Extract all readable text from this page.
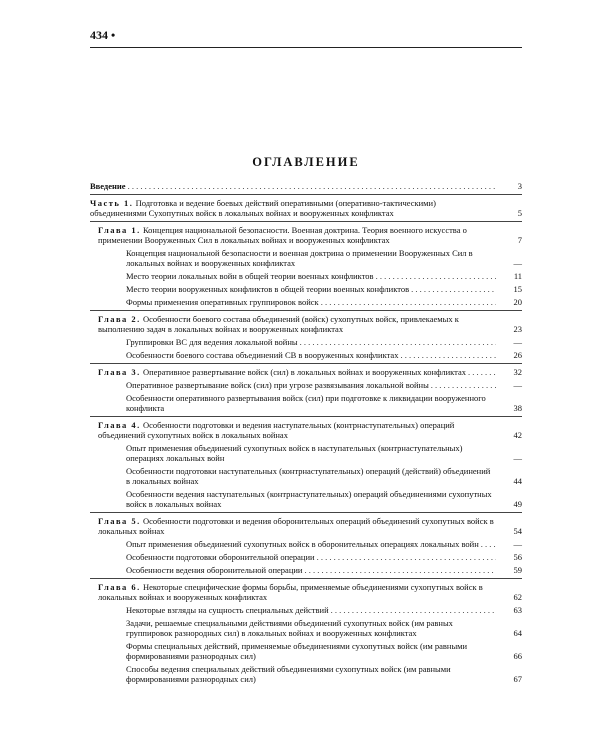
434 •
ОГЛАВЛЕНИЕ
Введение . . .	3
Часть 1. Подготовка и ведение боевых действий оперативными (оперативно-тактическими) объединениями Сухопутных войск в локальных войнах и вооруженных конфликтах	5
Глава 1. Концепция национальной безопасности. Военная доктрина. Теория военного искусства о применении Вооруженных Сил в локальных войнах и вооруженных конфликтах	7
Концепция национальной безопасности и военная доктрина о применении Вооруженных Сил в локальных войнах и вооруженных конфликтах	—
Место теории локальных войн в общей теории военных конфликтов . . .	11
Место теории вооруженных конфликтов в общей теории военных конфликтов . . .	15
Формы применения оперативных группировок войск . . .	20
Глава 2. Особенности боевого состава объединений (войск) сухопутных войск, привлекаемых к выполнению задач в локальных войнах и вооруженных конфликтах	23
Группировки ВС для ведения локальной войны . . .	—
Особенности боевого состава объединений СВ в вооруженных конфликтах . . .	26
Глава 3. Оперативное развертывание войск (сил) в локальных войнах и вооруженных конфликтах . . .	32
Оперативное развертывание войск (сил) при угрозе развязывания локальной войны . . .	—
Особенности оперативного развертывания войск (сил) при подготовке к ликвидации вооруженного конфликта	38
Глава 4. Особенности подготовки и ведения наступательных (контрнаступательных) операций объединений сухопутных войск в локальных войнах	42
Опыт применения объединений сухопутных войск в наступательных (контрнаступательных) операциях локальных войн	—
Особенности подготовки наступательных (контрнаступательных) операций (действий) объединений в локальных войнах	44
Особенности ведения наступательных (контрнаступательных) операций объединениями сухопутных войск в локальных войнах	49
Глава 5. Особенности подготовки и ведения оборонительных операций объединений сухопутных войск в локальных войнах	54
Опыт применения объединений сухопутных войск в оборонительных операциях локальных войн . . .	—
Особенности подготовки оборонительной операции . . .	56
Особенности ведения оборонительной операции . . .	59
Глава 6. Некоторые специфические формы борьбы, применяемые объединениями сухопутных войск в локальных войнах и вооруженных конфликтах	62
Некоторые взгляды на сущность специальных действий . . .	63
Задачи, решаемые специальными действиями объединений сухопутных войск (им равных группировок разнородных сил) в локальных войнах и вооруженных конфликтах	64
Формы специальных действий, применяемые объединениями сухопутных войск (им равными формированиями разнородных сил)	66
Способы ведения специальных действий объединениями сухопутных войск (им равными формированиями разнородных сил)	67
